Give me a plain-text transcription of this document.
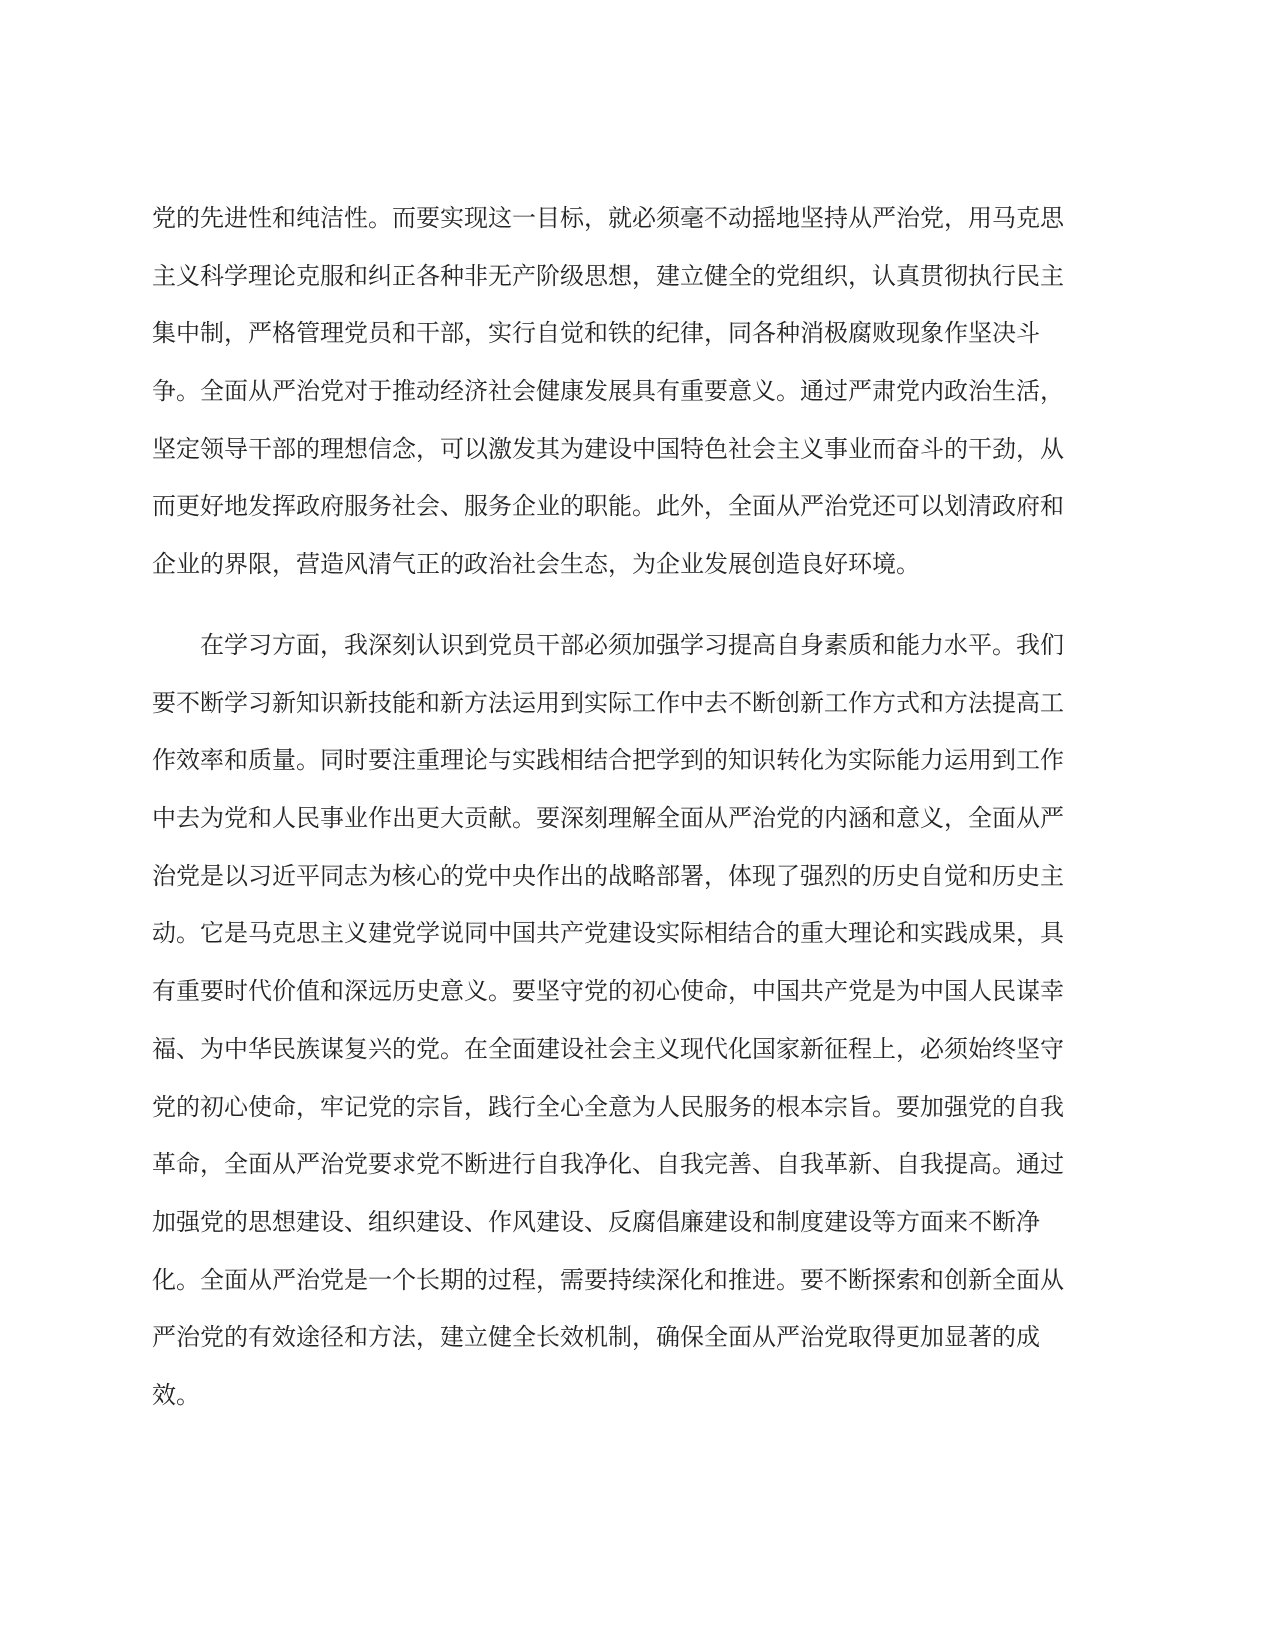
党的先进性和纯洁性。而要实现这一目标，就必须毫不动摇地坚持从严治党，用马克思
主义科学理论克服和纠正各种非无产阶级思想，建立健全的党组织，认真贯彻执行民主
集中制，严格管理党员和干部，实行自觉和铁的纪律，同各种消极腐败现象作坚决斗
争。全面从严治党对于推动经济社会健康发展具有重要意义。通过严肃党内政治生活，
坚定领导干部的理想信念，可以激发其为建设中国特色社会主义事业而奋斗的干劲，从
而更好地发挥政府服务社会、服务企业的职能。此外，全面从严治党还可以划清政府和
企业的界限，营造风清气正的政治社会生态，为企业发展创造良好环境。
在学习方面，我深刻认识到党员干部必须加强学习提高自身素质和能力水平。我们
要不断学习新知识新技能和新方法运用到实际工作中去不断创新工作方式和方法提高工
作效率和质量。同时要注重理论与实践相结合把学到的知识转化为实际能力运用到工作
中去为党和人民事业作出更大贡献。要深刻理解全面从严治党的内涵和意义，全面从严
治党是以习近平同志为核心的党中央作出的战略部署，体现了强烈的历史自觉和历史主
动。它是马克思主义建党学说同中国共产党建设实际相结合的重大理论和实践成果，具
有重要时代价值和深远历史意义。要坚守党的初心使命，中国共产党是为中国人民谋幸
福、为中华民族谋复兴的党。在全面建设社会主义现代化国家新征程上，必须始终坚守
党的初心使命，牢记党的宗旨，践行全心全意为人民服务的根本宗旨。要加强党的自我
革命，全面从严治党要求党不断进行自我净化、自我完善、自我革新、自我提高。通过
加强党的思想建设、组织建设、作风建设、反腐倡廉建设和制度建设等方面来不断净
化。全面从严治党是一个长期的过程，需要持续深化和推进。要不断探索和创新全面从
严治党的有效途径和方法，建立健全长效机制，确保全面从严治党取得更加显著的成
效。
